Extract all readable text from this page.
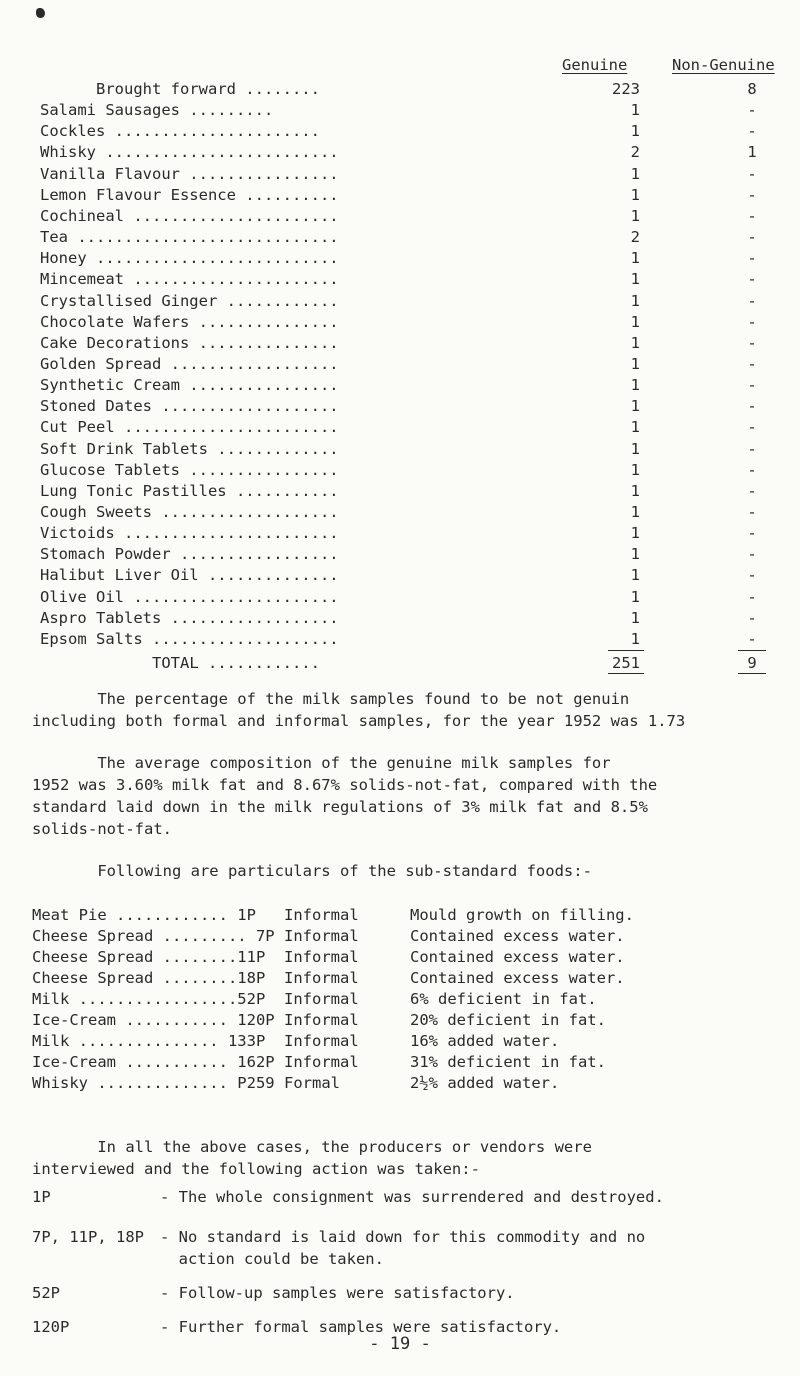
Genuine	Non-Genuine
Brought forward ........	223	8
Salami Sausages .........	1	-
Cockles ......................	1	-
Whisky .........................	2	1
Vanilla Flavour ................	1	-
Lemon Flavour Essence ..........	1	-
Cochineal ......................	1	-
Tea ............................	2	-
Honey ..........................	1	-
Mincemeat ......................	1	-
Crystallised Ginger ............	1	-
Chocolate Wafers ...............	1	-
Cake Decorations ...............	1	-
Golden Spread ..................	1	-
Synthetic Cream ................	1	-
Stoned Dates ...................	1	-
Cut Peel .......................	1	-
Soft Drink Tablets .............	1	-
Glucose Tablets ................	1	-
Lung Tonic Pastilles ...........	1	-
Cough Sweets ...................	1	-
Victoids .......................	1	-
Stomach Powder .................	1	-
Halibut Liver Oil ..............	1	-
Olive Oil ......................	1	-
Aspro Tablets ..................	1	-
Epsom Salts ....................	1	-
TOTAL ............	251	9
The percentage of the milk samples found to be not genuin
including both formal and informal samples, for the year 1952 was 1.73
The average composition of the genuine milk samples for
1952 was 3.60% milk fat and 8.67% solids-not-fat, compared with the
standard laid down in the milk regulations of 3% milk fat and 8.5%
solids-not-fat.
Following are particulars of the sub-standard foods:-
Meat Pie ............ 1P Informal	Mould growth on filling.
Cheese Spread ......... 7P Informal	Contained excess water.
Cheese Spread ........11P Informal	Contained excess water.
Cheese Spread ........18P Informal	Contained excess water.
Milk .................52P Informal	6% deficient in fat.
Ice-Cream ........... 120P Informal	20% deficient in fat.
Milk ............... 133P Informal	16% added water.
Ice-Cream ........... 162P Informal	31% deficient in fat.
Whisky .............. P259 Formal	2½% added water.
In all the above cases, the producers or vendors were
interviewed and the following action was taken:-
1P	- The whole consignment was surrendered and destroyed.
7P, 11P, 18P - No standard is laid down for this commodity and no
action could be taken.
52P	- Follow-up samples were satisfactory.
120P	- Further formal samples were satisfactory.
- 19 -
